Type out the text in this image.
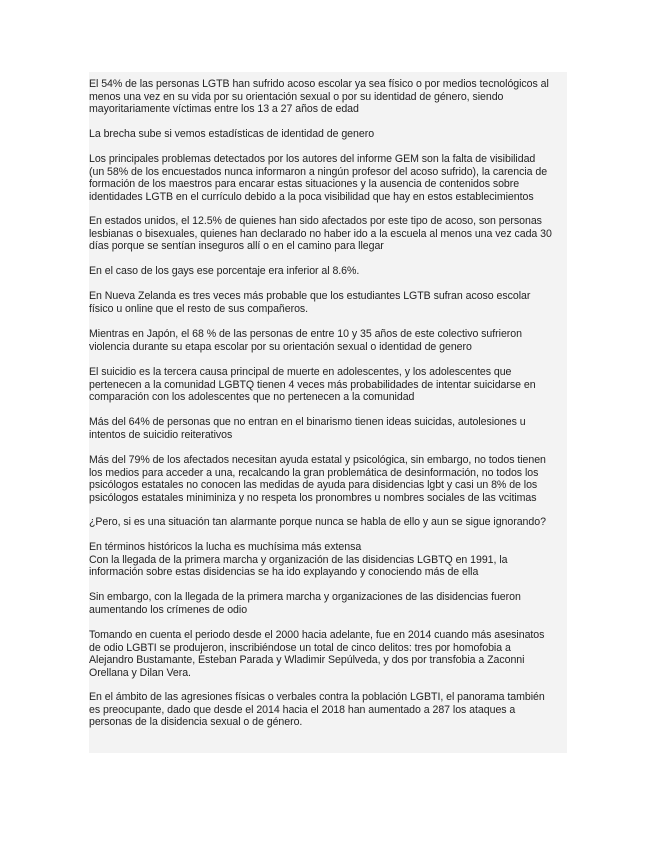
El 54% de las personas LGTB han sufrido acoso escolar ya sea físico o por medios tecnológicos al
menos una vez en su vida por su orientación sexual o por su identidad de género, siendo
mayoritariamente víctimas entre los 13 a 27 años de edad

La brecha sube si vemos estadísticas de identidad de genero

Los principales problemas detectados por los autores del informe GEM son la falta de visibilidad
(un 58% de los encuestados nunca informaron a ningún profesor del acoso sufrido), la carencia de
formación de los maestros para encarar estas situaciones y la ausencia de contenidos sobre
identidades LGTB en el currículo debido a la poca visibilidad que hay en estos establecimientos

En estados unidos, el 12.5% de quienes han sido afectados por este tipo de acoso, son personas
lesbianas o bisexuales, quienes han declarado no haber ido a la escuela al menos una vez cada 30
días porque se sentían inseguros allí o en el camino para llegar

En el caso de los gays ese porcentaje era inferior al 8.6%.

En Nueva Zelanda es tres veces más probable que los estudiantes LGTB sufran acoso escolar
físico u online que el resto de sus compañeros.

Mientras en Japón, el 68 % de las personas de entre 10 y 35 años de este colectivo sufrieron
violencia durante su etapa escolar por su orientación sexual o identidad de genero

El suicidio es la tercera causa principal de muerte en adolescentes, y los adolescentes que
pertenecen a la comunidad LGBTQ tienen 4 veces más probabilidades de intentar suicidarse en
comparación con los adolescentes que no pertenecen a la comunidad

Más del 64% de personas que no entran en el binarismo tienen ideas suicidas, autolesiones u
intentos de suicidio reiterativos

Más del 79% de los afectados necesitan ayuda estatal y psicológica, sin embargo, no todos tienen
los medios para acceder a una, recalcando la gran problemática de desinformación, no todos los
psicólogos estatales no conocen las medidas de ayuda para disidencias lgbt y casi un 8% de los
psicólogos estatales miniminiza y no respeta los pronombres u nombres sociales de las vcitimas

¿Pero, si es una situación tan alarmante porque nunca se habla de ello y aun se sigue ignorando?

En términos históricos la lucha es muchísima más extensa
Con la llegada de la primera marcha y organización de las disidencias LGBTQ en 1991, la
información sobre estas disidencias se ha ido explayando y conociendo más de ella

Sin embargo, con la llegada de la primera marcha y organizaciones de las disidencias fueron
aumentando los crímenes de odio

Tomando en cuenta el periodo desde el 2000 hacia adelante, fue en 2014 cuando más asesinatos
de odio LGBTI se produjeron, inscribiéndose un total de cinco delitos: tres por homofobia a
Alejandro Bustamante, Esteban Parada y Wladimir Sepúlveda, y dos por transfobia a Zaconni
Orellana y Dilan Vera.

En el ámbito de las agresiones físicas o verbales contra la población LGBTI, el panorama también
es preocupante, dado que desde el 2014 hacia el 2018 han aumentado a 287 los ataques a
personas de la disidencia sexual o de género.
